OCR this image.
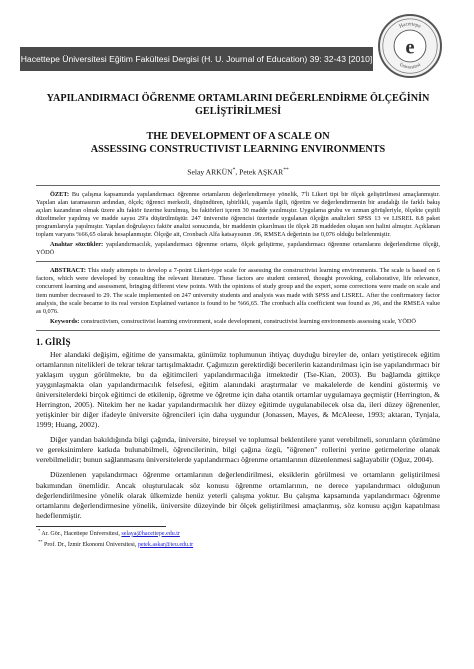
Hacettepe Üniversitesi Eğitim Fakültesi Dergisi (H. U. Journal of Education) 39: 32-43 [2010]
Hacettepe
Üniversitesi
e
YAPILANDIRMACI ÖĞRENME ORTAMLARINI DEĞERLENDİRME ÖLÇEĞİNİN
GELİŞTİRİLMESİ
THE DEVELOPMENT OF A SCALE ON
ASSESSING CONSTRUCTIVIST LEARNING ENVIRONMENTS
Selay ARKÜN*, Petek AŞKAR**

ÖZET: Bu çalışma kapsamında yapılandırmacı öğrenme ortamlarını değerlendirmeye yönelik, 7'li Likert tipi bir ölçek geliştirilmesi amaçlanmıştır. Yapılan alan taramasının ardından, ölçek; öğrenci merkezli, düşündüren, işbirlikli, yaşamla ilgili, öğretim ve değerlendirmenin bir aradalığı ile farklı bakış açıları kazandıran olmak üzere altı faktör üzerine kurulmuş, bu faktörleri içeren 30 madde yazılmıştır. Uygulama grubu ve uzman görüşleriyle, ölçekte çeşitli düzeltmeler yapılmış ve madde sayısı 29'a düşürülmüştür. 247 üniversite öğrencisi üzerinde uygulanan ölçeğin analizleri SPSS 13 ve LISREL 8.8 paket programlarıyla yapılmıştır. Yapılan doğrulayıcı faktör analizi sonucunda, bir maddenin çıkarılması ile ölçek 28 maddeden oluşan son halini almıştır. Açıklanan toplam varyans %66,65 olarak hesaplanmıştır. Ölçeğe ait, Cronbach Alfa katsayısının .96, RMSEA değerinin ise 0,076 olduğu belirlenmiştir.

Anahtar sözcükler: yapılandırmacılık, yapılandırmacı öğrenme ortamı, ölçek geliştirme, yapılandırmacı öğrenme ortamlarını değerlendirme ölçeği, YÖDÖ

ABSTRACT: This study attempts to develop a 7-point Likert-type scale for assessing the constructivist learning environments. The scale is based on 6 factors, which were developed by consulting the relevant literature. These factors are student centered, thought provoking, collaborative, life relevance, concurrent learning and assessment, bringing different view points. With the opinions of study group and the expert, some corrections were made on scale and item number decreased to 29. The scale implemented on 247 university students and analysis was made with SPSS and LISREL. After the confirmatory factor analysis, the scale became to its real version Explained variance is found to be %66,65. The cronbach alfa coefficient was found as ,96, and the RMSEA value as 0,076.

Keywords: constructivism, constructivist learning environment, scale development, constructivist learning environments assessing scale, YÖDÖ

1. GİRİŞ

Her alandaki değişim, eğitime de yansımakta, günümüz toplumunun ihtiyaç duyduğu bireyler de, onları yetiştirecek eğitim ortamlarının nitelikleri de tekrar tekrar tartışılmaktadır. Çağımızın gerektirdiği becerilerin kazandırılması için ise yapılandırmacı bir yaklaşım uygun görülmekte, bu da eğitimcileri yapılandırmacılığa itmektedir (Tse-Kian, 2003). Bu bağlamda gittikçe yaygınlaşmakta olan yapılandırmacılık felsefesi, eğitim alanındaki araştırmalar ve makalelerde de kendini göstermiş ve üniversitelerdeki birçok eğitimci de etkilenip, öğretme ve öğretme için daha otantik ortamlar uygulamaya geçmiştir (Herrington, & Herrington, 2005). Nitekim her ne kadar yapılandırmacılık her düzey eğitimde uygulanabilecek olsa da, ileri düzey öğrenenler, yetişkinler bir diğer ifadeyle üniversite öğrencileri için daha uygundur (Jonassen, Mayes, & McAleese, 1993; aktaran, Tynjala, 1999; Huang, 2002).

Diğer yandan bakıldığında bilgi çağında, üniversite, bireysel ve toplumsal beklentilere yanıt verebilmeli, sorunların çözümüne ve gereksinimlere katkıda bulunabilmeli, öğrencilerinin, bilgi çağına özgü, "öğrenen" rollerini yerine getirmelerine olanak verebilmelidir; bunun sağlanmasını üniversitelerde yapılandırmacı öğrenme ortamlarının düzenlenmesi sağlayabilir (Oğuz, 2004).

Düzenlenen yapılandırmacı öğrenme ortamlarının değerlendirilmesi, eksiklerin görülmesi ve ortamların geliştirilmesi bakımından önemlidir. Ancak oluşturulacak söz konusu öğrenme ortamlarının, ne derece yapılandırmacı olduğunun değerlendirilmesine yönelik olarak ülkemizde henüz yeterli çalışma yoktur. Bu çalışma kapsamında yapılandırmacı öğrenme ortamlarını değerlendirmesine yönelik, üniversite düzeyinde bir ölçek geliştirilmesi amaçlanmış, söz konusu açığın kapatılması hedeflenmiştir.

* Ar. Gör., Hacettepe Üniversitesi, selaya@hacettepe.edu.tr

** Prof. Dr., İzmir Ekonomi Üniversitesi, petek.askar@ieu.edu.tr
